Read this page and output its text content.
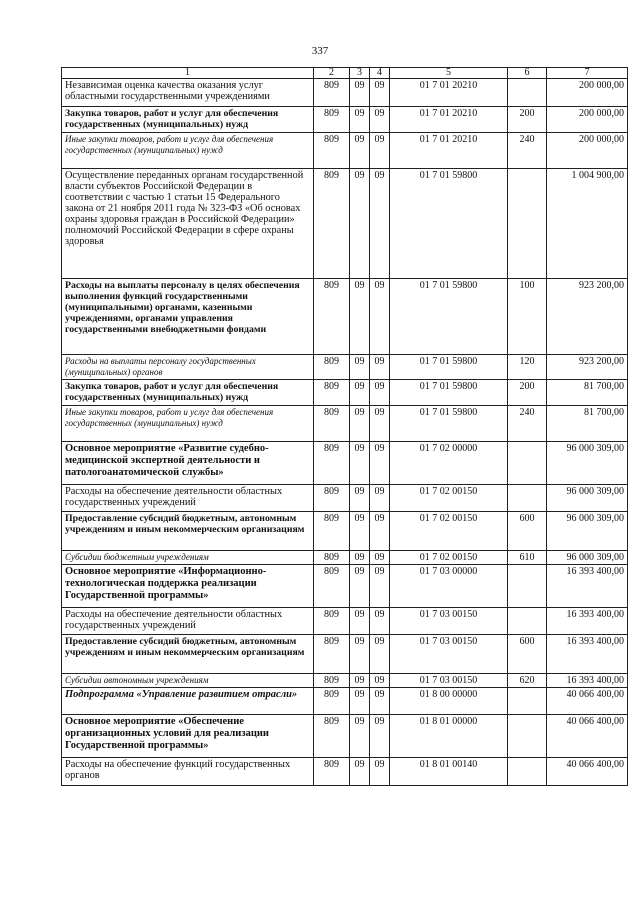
337
1	2	3	4	5	6	7
Независимая оценка качества оказания услуг областными государственными учреждениями	809	09	09	01 7 01 20210		200 000,00
Закупка товаров, работ и услуг для обеспечения государственных (муниципальных) нужд	809	09	09	01 7 01 20210	200	200 000,00
Иные закупки товаров, работ и услуг для обеспечения государственных (муниципальных) нужд	809	09	09	01 7 01 20210	240	200 000,00
Осуществление переданных органам государственной власти субъектов Российской Федерации в соответствии с частью 1 статьи 15 Федерального закона от 21 ноября 2011 года № 323-ФЗ «Об основах охраны здоровья граждан в Российской Федерации» полномочий Российской Федерации в сфере охраны здоровья	809	09	09	01 7 01 59800		1 004 900,00
Расходы на выплаты персоналу в целях обеспечения выполнения функций государственными (муниципальными) органами, казенными учреждениями, органами управления государственными внебюджетными фондами	809	09	09	01 7 01 59800	100	923 200,00
Расходы на выплаты персоналу государственных (муниципальных) органов	809	09	09	01 7 01 59800	120	923 200,00
Закупка товаров, работ и услуг для обеспечения государственных (муниципальных) нужд	809	09	09	01 7 01 59800	200	81 700,00
Иные закупки товаров, работ и услуг для обеспечения государственных (муниципальных) нужд	809	09	09	01 7 01 59800	240	81 700,00
Основное мероприятие «Развитие судебно-медицинской экспертной деятельности и патологоанатомической службы»	809	09	09	01 7 02 00000		96 000 309,00
Расходы на обеспечение деятельности областных государственных учреждений	809	09	09	01 7 02 00150		96 000 309,00
Предоставление субсидий бюджетным, автономным учреждениям и иным некоммерческим организациям	809	09	09	01 7 02 00150	600	96 000 309,00
Субсидии бюджетным учреждениям	809	09	09	01 7 02 00150	610	96 000 309,00
Основное мероприятие «Информационно-технологическая поддержка реализации Государственной программы»	809	09	09	01 7 03 00000		16 393 400,00
Расходы на обеспечение деятельности областных государственных учреждений	809	09	09	01 7 03 00150		16 393 400,00
Предоставление субсидий бюджетным, автономным учреждениям и иным некоммерческим организациям	809	09	09	01 7 03 00150	600	16 393 400,00
Субсидии автономным учреждениям	809	09	09	01 7 03 00150	620	16 393 400,00
Подпрограмма «Управление развитием отрасли»	809	09	09	01 8 00 00000		40 066 400,00
Основное мероприятие «Обеспечение организационных условий для реализации Государственной программы»	809	09	09	01 8 01 00000		40 066 400,00
Расходы на обеспечение функций государственных органов	809	09	09	01 8 01 00140		40 066 400,00
